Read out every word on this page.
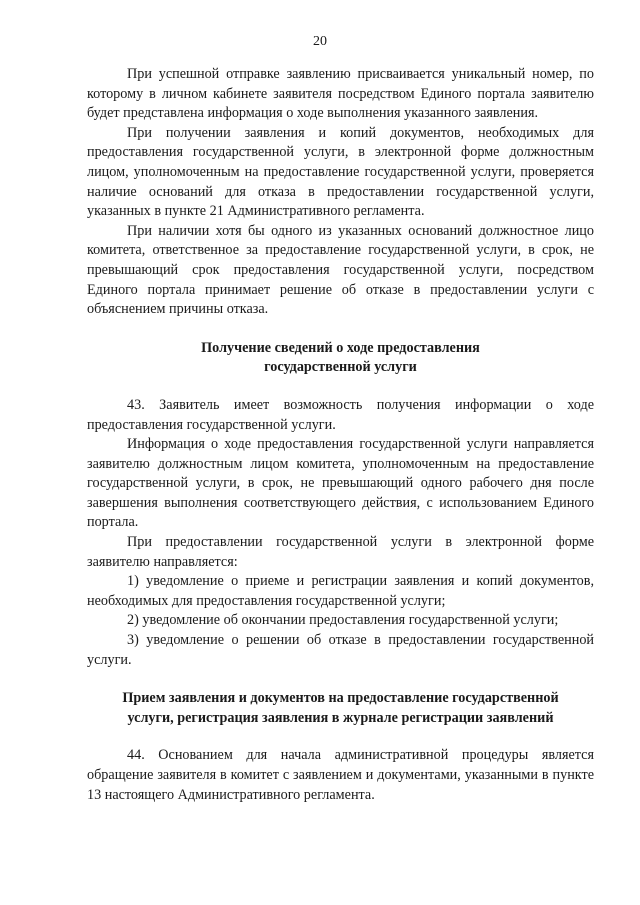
20

При успешной отправке заявлению присваивается уникальный номер, по которому в личном кабинете заявителя посредством Единого портала заявителю будет представлена информация о ходе выполнения указанного заявления.

При получении заявления и копий документов, необходимых для предоставления государственной услуги, в электронной форме должностным лицом, уполномоченным на предоставление государственной услуги, проверяется наличие оснований для отказа в предоставлении государственной услуги, указанных в пункте 21 Административного регламента.

При наличии хотя бы одного из указанных оснований должностное лицо комитета, ответственное за предоставление государственной услуги, в срок, не превышающий срок предоставления государственной услуги, посредством Единого портала принимает решение об отказе в предоставлении услуги с объяснением причины отказа.

Получение сведений о ходе предоставления
государственной услуги

43. Заявитель имеет возможность получения информации о ходе предоставления государственной услуги.

Информация о ходе предоставления государственной услуги направляется заявителю должностным лицом комитета, уполномоченным на предоставление государственной услуги, в срок, не превышающий одного рабочего дня после завершения выполнения соответствующего действия, с использованием Единого портала.

При предоставлении государственной услуги в электронной форме заявителю направляется:

1) уведомление о приеме и регистрации заявления и копий документов, необходимых для предоставления государственной услуги;

2) уведомление об окончании предоставления государственной услуги;

3) уведомление о решении об отказе в предоставлении государственной услуги.

Прием заявления и документов на предоставление государственной
услуги, регистрация заявления в журнале регистрации заявлений

44. Основанием для начала административной процедуры является обращение заявителя в комитет с заявлением и документами, указанными в пункте 13 настоящего Административного регламента.
